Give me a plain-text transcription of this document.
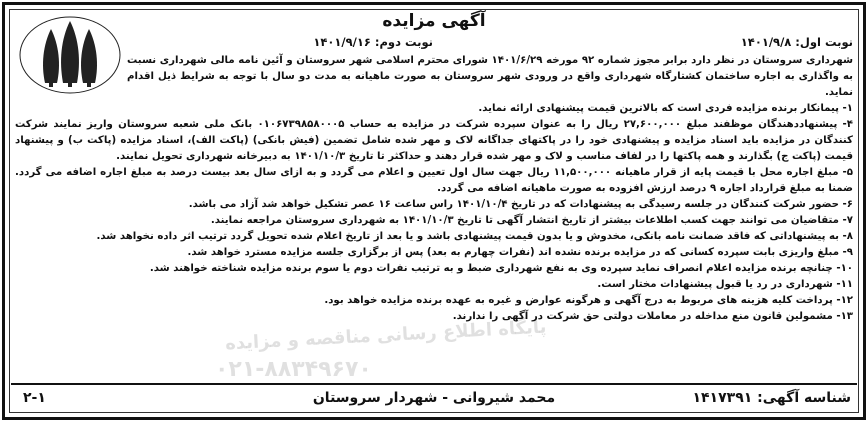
آگهی مزایده
نوبت اول: ۱۴۰۱/۹/۸
نوبت دوم: ۱۴۰۱/۹/۱۶

شهرداری سروستان در نظر دارد برابر مجوز شماره ۹۲ مورخه ۱۴۰۱/۶/۲۹ شورای محترم اسلامی شهر سروستان و آئین نامه مالی شهرداری نسبت به واگذاری به اجاره ساختمان کشتارگاه شهرداری واقع در ورودی شهر سروستان به صورت ماهیانه به مدت دو سال با توجه به شرایط ذیل اقدام نماید.

۱- پیمانکار برنده مزایده فردی است که بالاترین قیمت پیشنهادی ارائه نماید.

۴- پیشنهاددهندگان موظفند مبلغ ۲۷,۶۰۰,۰۰۰ ریال را به عنوان سپرده شرکت در مزایده به حساب ۰۱۰۶۷۳۹۸۵۸۰۰۰۵ بانک ملی شعبه سروستان واریز نمایند شرکت کنندگان در مزایده باید اسناد مزایده و پیشنهادی خود را در پاکتهای جداگانه لاک و مهر شده شامل تضمین (فیش بانکی) (پاکت الف)، اسناد مزایده (پاکت ب) و پیشنهاد قیمت (پاکت ج) بگذارند و همه پاکتها را در لفاف مناسب و لاک و مهر شده قرار دهند و حداکثر تا تاریخ ۱۴۰۱/۱۰/۳ به دبیرخانه شهرداری تحویل نمایند.

۵- مبلغ اجاره محل با قیمت پایه از قرار ماهیانه ۱۱,۵۰۰,۰۰۰ ریال جهت سال اول تعیین و اعلام می گردد و به ازای سال بعد بیست درصد به مبلغ اجاره اضافه می گردد. ضمنا به مبلغ قرارداد اجاره ۹ درصد ارزش افزوده به صورت ماهیانه اضافه می گردد.

۶- حضور شرکت کنندگان در جلسه رسیدگی به پیشنهادات که در تاریخ ۱۴۰۱/۱۰/۴ راس ساعت ۱۶ عصر تشکیل خواهد شد آزاد می باشد.

۷- متقاضیان می توانند جهت کسب اطلاعات بیشتر از تاریخ انتشار آگهی تا تاریخ ۱۴۰۱/۱۰/۳ به شهرداری سروستان مراجعه نمایند.

۸- به پیشنهاداتی که فاقد ضمانت نامه بانکی، مخدوش و یا بدون قیمت پیشنهادی باشد و یا بعد از تاریخ اعلام شده تحویل گردد ترتیب اثر داده نخواهد شد.

۹- مبلغ واریزی بابت سپرده کسانی که در مزایده برنده نشده اند (نفرات چهارم به بعد) پس از برگزاری جلسه مزایده مسترد خواهد شد.

۱۰- چنانچه برنده مزایده اعلام انصراف نماید سپرده وی به نفع شهرداری ضبط و به ترتیب نفرات دوم یا سوم برنده مزایده شناخته خواهند شد.

۱۱- شهرداری در رد یا قبول پیشنهادات مختار است.

۱۲- پرداخت کلیه هزینه های مربوط به درج آگهی و هرگونه عوارض و غیره به عهده برنده مزایده خواهد بود.

۱۳- مشمولین قانون منع مداخله در معاملات دولتی حق شرکت در آگهی را ندارند.

پایگاه اطلاع رسانی مناقصه و مزایده
۰۲۱-۸۸۳۴۹۶۷۰
شناسه آگهی: ۱۴۱۷۳۹۱
محمد شیروانی - شهردار سروستان
۲-۱
